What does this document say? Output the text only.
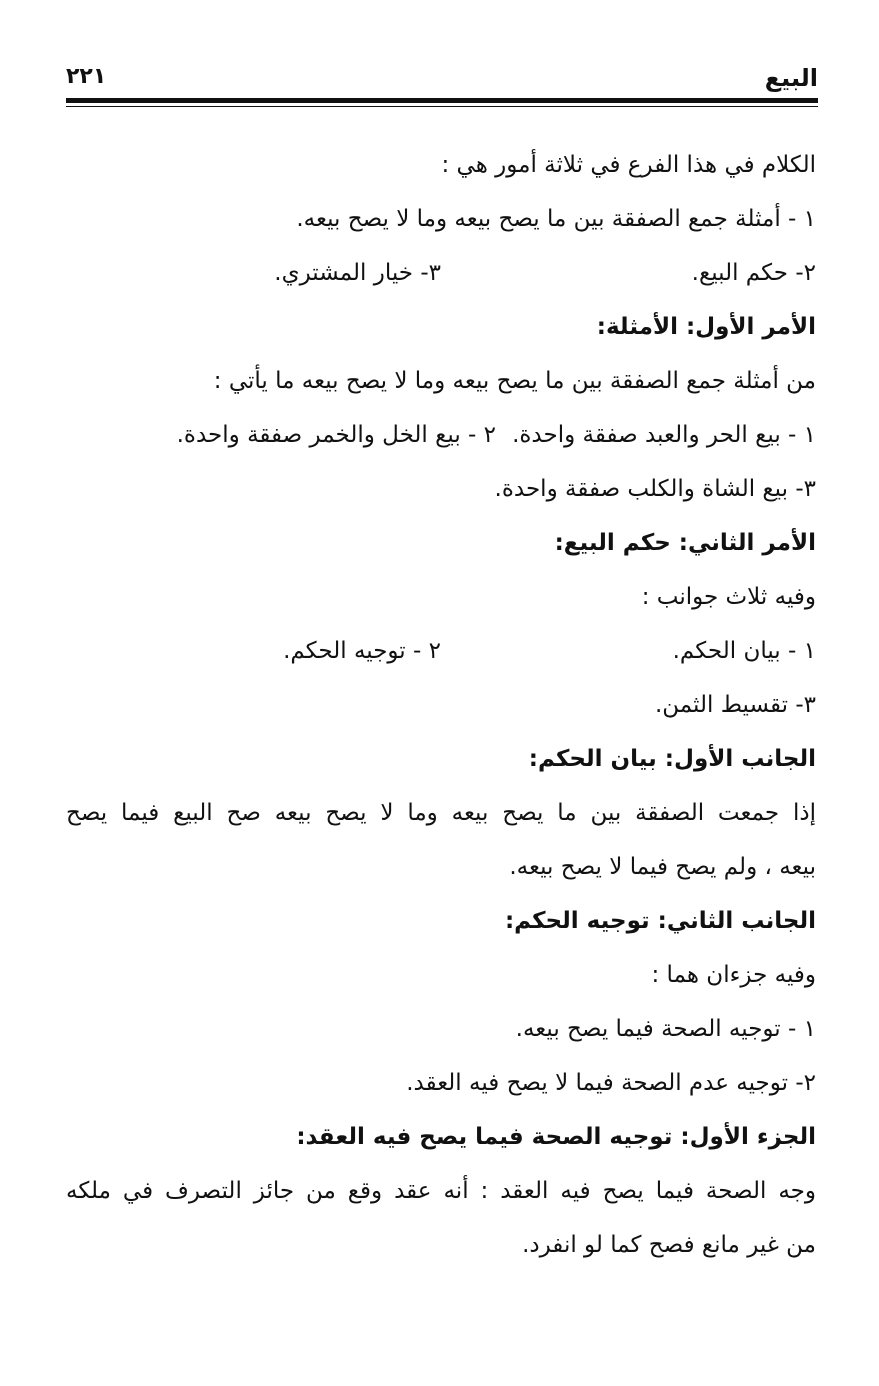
البيع
٢٢١
الكلام في هذا الفرع في ثلاثة أمور هي :
١ - أمثلة جمع الصفقة بين ما يصح بيعه وما لا يصح بيعه.
٢- حكم البيع.
٣- خيار المشتري.
الأمر الأول: الأمثلة:
من أمثلة جمع الصفقة بين ما يصح بيعه وما لا يصح بيعه ما يأتي :
١ - بيع الحر والعبد صفقة واحدة.
٢ - بيع الخل والخمر صفقة واحدة.
٣- بيع الشاة والكلب صفقة واحدة.
الأمر الثاني: حكم البيع:
وفيه ثلاث جوانب :
١ - بيان الحكم.
٢ - توجيه الحكم.
٣- تقسيط الثمن.
الجانب الأول: بيان الحكم:
إذا جمعت الصفقة بين ما يصح بيعه وما لا يصح بيعه صح البيع فيما يصح
بيعه ، ولم يصح فيما لا يصح بيعه.
الجانب الثاني: توجيه الحكم:
وفيه جزءان هما :
١ - توجيه الصحة فيما يصح بيعه.
٢- توجيه عدم الصحة فيما لا يصح فيه العقد.
الجزء الأول: توجيه الصحة فيما يصح فيه العقد:
وجه الصحة فيما يصح فيه العقد : أنه عقد وقع من جائز التصرف في ملكه
من غير مانع فصح كما لو انفرد.
